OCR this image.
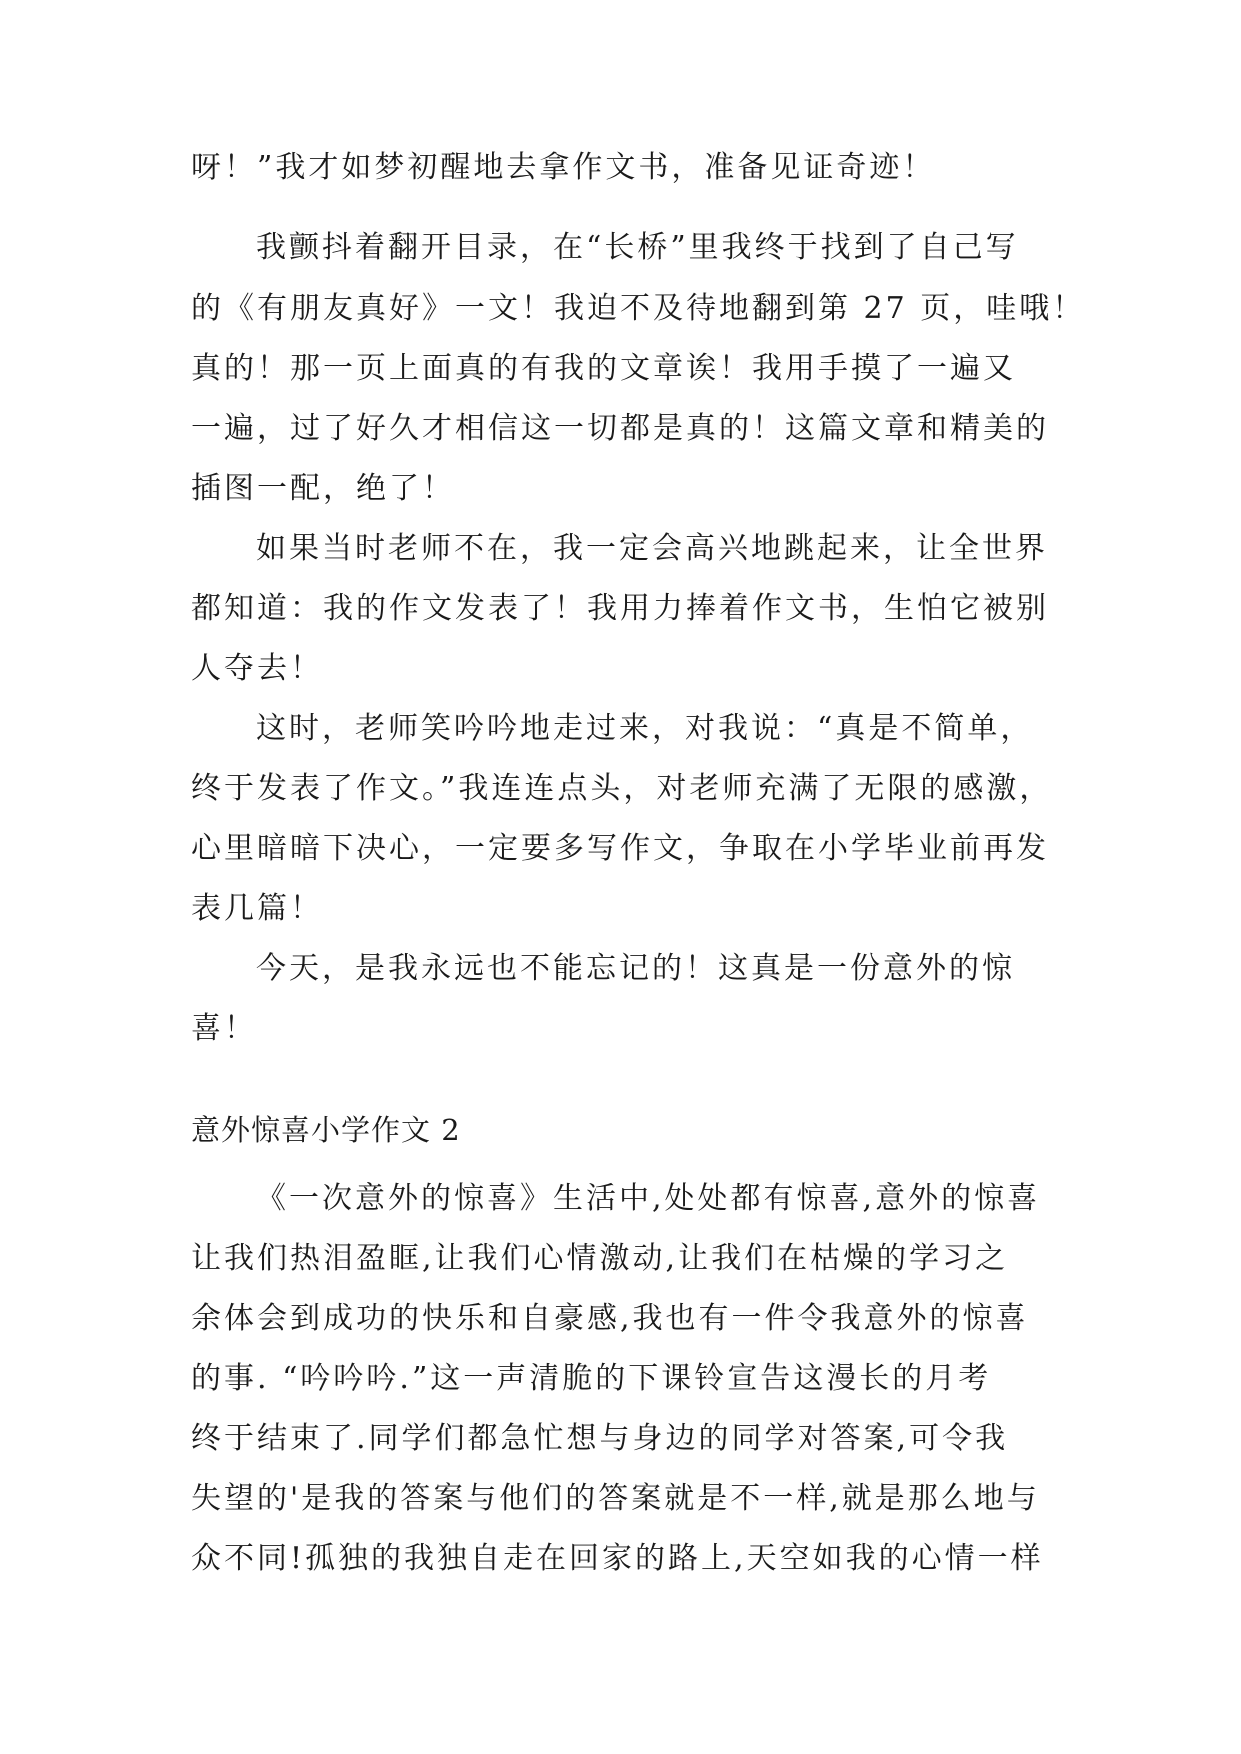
呀！”我才如梦初醒地去拿作文书，准备见证奇迹！
我颤抖着翻开目录，在“长桥”里我终于找到了自己写
的《有朋友真好》一文！我迫不及待地翻到第 27 页，哇哦！
真的！那一页上面真的有我的文章诶！我用手摸了一遍又
一遍，过了好久才相信这一切都是真的！这篇文章和精美的
插图一配，绝了！
如果当时老师不在，我一定会高兴地跳起来，让全世界
都知道：我的作文发表了！我用力捧着作文书，生怕它被别
人夺去！
这时，老师笑吟吟地走过来，对我说：“真是不简单，
终于发表了作文。”我连连点头，对老师充满了无限的感激，
心里暗暗下决心，一定要多写作文，争取在小学毕业前再发
表几篇！
今天，是我永远也不能忘记的！这真是一份意外的惊
喜！
意外惊喜小学作文 2
《一次意外的惊喜》生活中,处处都有惊喜,意外的惊喜
让我们热泪盈眶,让我们心情激动,让我们在枯燥的学习之
余体会到成功的快乐和自豪感,我也有一件令我意外的惊喜
的事. “吟吟吟.”这一声清脆的下课铃宣告这漫长的月考
终于结束了.同学们都急忙想与身边的同学对答案,可令我
失望的'是我的答案与他们的答案就是不一样,就是那么地与
众不同!孤独的我独自走在回家的路上,天空如我的心情一样
